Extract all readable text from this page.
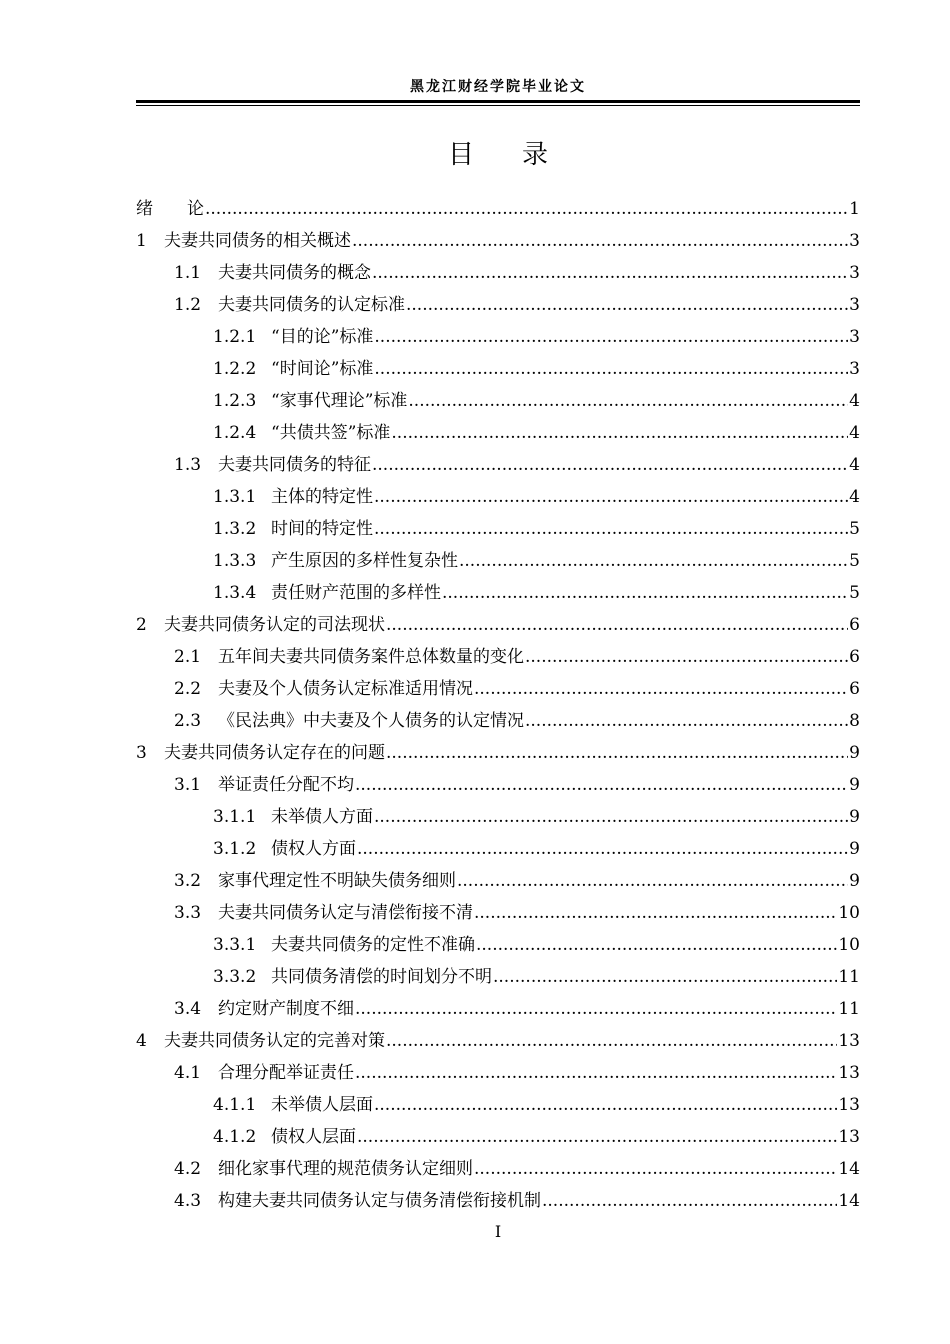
黑龙江财经学院毕业论文
目录
绪　　论 .....	1
1	夫妻共同债务的相关概述 .....	3
1.1 夫妻共同债务的概念 .....	3
1.2 夫妻共同债务的认定标准 .....	3
1.2.1 “目的论”标准 .....	3
1.2.2 “时间论”标准 .....	3
1.2.3 “家事代理论”标准 .....	4
1.2.4 “共债共签”标准 .....	4
1.3 夫妻共同债务的特征 .....	4
1.3.1 主体的特定性 .....	4
1.3.2 时间的特定性 .....	5
1.3.3 产生原因的多样性复杂性 .....	5
1.3.4 责任财产范围的多样性 .....	5
2	夫妻共同债务认定的司法现状 .....	6
2.1 五年间夫妻共同债务案件总体数量的变化 .....	6
2.2 夫妻及个人债务认定标准适用情况 .....	6
2.3 《民法典》中夫妻及个人债务的认定情况 .....	8
3	夫妻共同债务认定存在的问题 .....	9
3.1 举证责任分配不均 .....	9
3.1.1 未举债人方面 .....	9
3.1.2 债权人方面 .....	9
3.2 家事代理定性不明缺失债务细则 .....	9
3.3 夫妻共同债务认定与清偿衔接不清 .....	10
3.3.1 夫妻共同债务的定性不准确 .....	10
3.3.2 共同债务清偿的时间划分不明 .....	11
3.4 约定财产制度不细 .....	11
4	夫妻共同债务认定的完善对策 .....	13
4.1 合理分配举证责任 .....	13
4.1.1 未举债人层面 .....	13
4.1.2 债权人层面 .....	13
4.2 细化家事代理的规范债务认定细则 .....	14
4.3 构建夫妻共同债务认定与债务清偿衔接机制 .....	14
I
